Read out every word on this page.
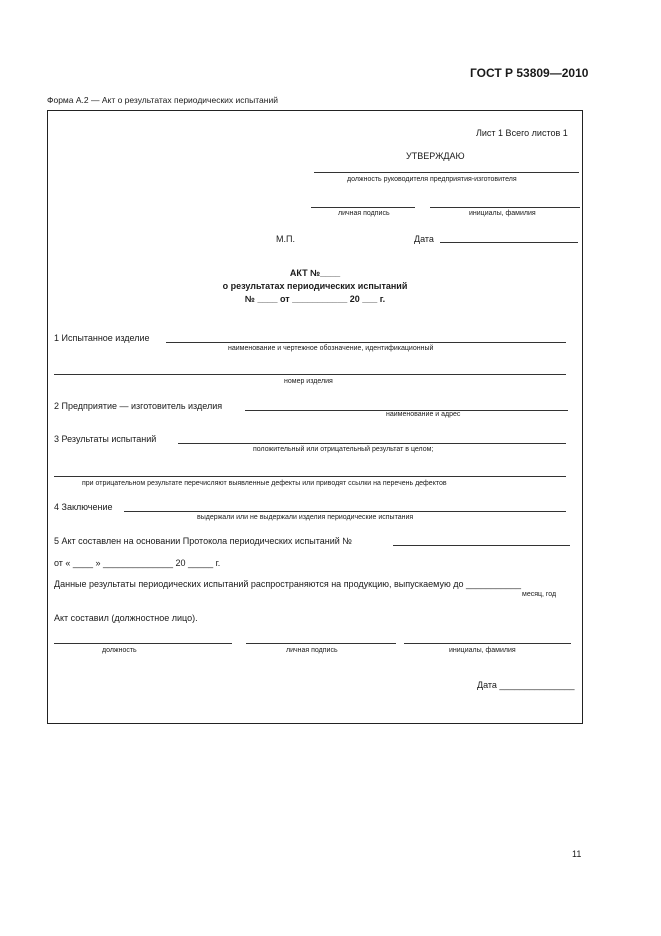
ГОСТ Р 53809—2010
Форма А.2 — Акт о результатах периодических испытаний
Лист 1 Всего листов 1
УТВЕРЖДАЮ
должность руководителя предприятия-изготовителя
личная подпись	инициалы, фамилия
М.П.	Дата
АКТ №____
о результатах периодических испытаний
№ ____ от ___________ 20 ___ г.
1 Испытанное изделие
наименование и чертежное обозначение, идентификационный
номер изделия
2 Предприятие — изготовитель изделия
наименование и адрес
3 Результаты испытаний
положительный или отрицательный результат в целом;
при отрицательном результате перечисляют выявленные дефекты или приводят ссылки на перечень дефектов
4 Заключение
выдержали или не выдержали изделия периодические испытания
5 Акт составлен на основании Протокола периодических испытаний №
от « ____ » ______________ 20 _____ г.
Данные результаты периодических испытаний распространяются на продукцию, выпускаемую до ___________
месяц, год
Акт составил (должностное лицо).
должность	личная подпись	инициалы, фамилия
Дата _______________
11
